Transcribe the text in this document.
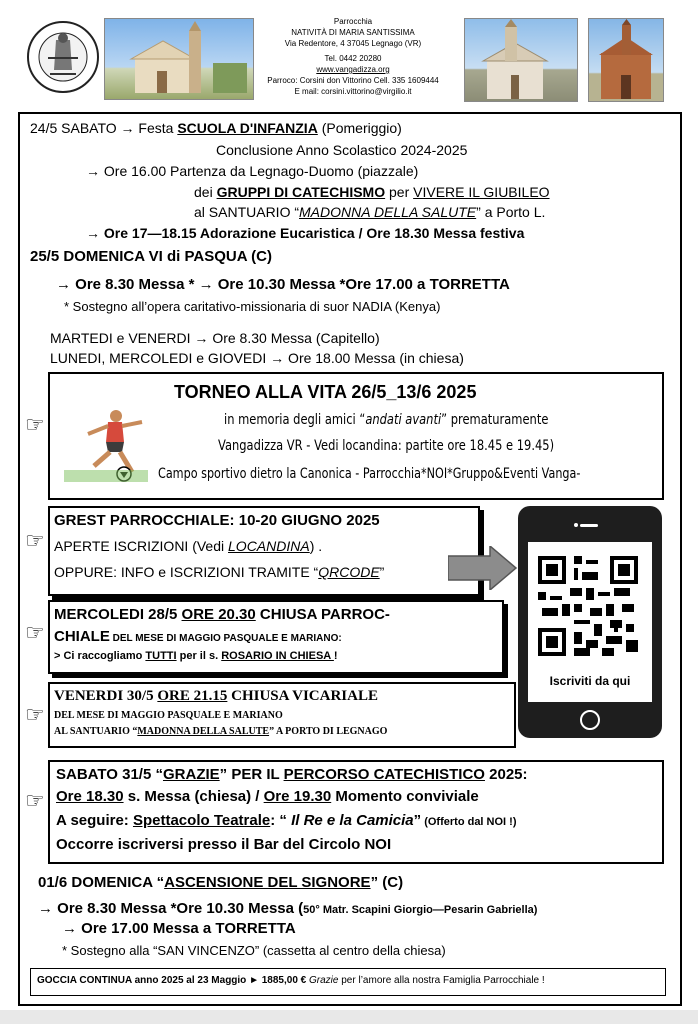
Parrocchia
NATIVITÀ DI MARIA SANTISSIMA
Via Redentore, 4 37045 Legnago (VR)
Tel. 0442 20280
www.vangadizza.org
Parroco: Corsini don Vittorino Cell. 335 1609444
E mail: corsini.vittorino@virgilio.it
24/5 SABATO → Festa SCUOLA D'INFANZIA (Pomeriggio)
Conclusione Anno Scolastico 2024-2025
→ Ore 16.00 Partenza da Legnago-Duomo (piazzale)
dei GRUPPI DI CATECHISMO per VIVERE IL GIUBILEO
al SANTUARIO “MADONNA DELLA SALUTE” a Porto L.
→ Ore 17—18.15 Adorazione Eucaristica / Ore 18.30 Messa festiva
25/5 DOMENICA VI di PASQUA (C)
→ Ore 8.30 Messa * → Ore 10.30 Messa *Ore 17.00 a TORRETTA
* Sostegno all’opera caritativo-missionaria di suor NADIA (Kenya)
MARTEDI e VENERDI → Ore 8.30 Messa (Capitello)
LUNEDI, MERCOLEDI e GIOVEDI → Ore 18.00 Messa (in chiesa)
☞
TORNEO ALLA VITA 26/5_13/6 2025
in memoria degli amici “andati avanti” prematuramente
Vangadizza VR - Vedi locandina: partite ore 18.45 e 19.45)
Campo sportivo dietro la Canonica - Parrocchia*NOI*Gruppo&Eventi Vanga-
☞
GREST PARROCCHIALE: 10-20 GIUGNO 2025
APERTE ISCRIZIONI (Vedi LOCANDINA) .
OPPURE: INFO e ISCRIZIONI TRAMITE “QRCODE”
Iscriviti da qui
☞
MERCOLEDI 28/5 ORE 20.30 CHIUSA PARROC-
CHIALE DEL MESE DI MAGGIO PASQUALE E MARIANO:
> Ci raccogliamo TUTTI per il s. ROSARIO IN CHIESA !
☞
VENERDI 30/5 ORE 21.15 CHIUSA VICARIALE
DEL MESE DI MAGGIO PASQUALE E MARIANO
AL SANTUARIO “MADONNA DELLA SALUTE” A PORTO DI LEGNAGO
☞
SABATO 31/5 “GRAZIE” PER IL PERCORSO CATECHISTICO 2025:
Ore 18.30 s. Messa (chiesa) / Ore 19.30 Momento conviviale
A seguire: Spettacolo Teatrale: “ Il Re e la Camicia” (Offerto dal NOI !)
Occorre iscriversi presso il Bar del Circolo NOI
01/6 DOMENICA “ASCENSIONE DEL SIGNORE” (C)
→ Ore 8.30 Messa *Ore 10.30 Messa (50° Matr. Scapini Giorgio—Pesarin Gabriella)
→ Ore 17.00 Messa a TORRETTA
* Sostegno alla “SAN VINCENZO” (cassetta al centro della chiesa)
GOCCIA CONTINUA anno 2025 al 23 Maggio ► 1885,00 € Grazie per l’amore alla nostra Famiglia Parrocchiale !
